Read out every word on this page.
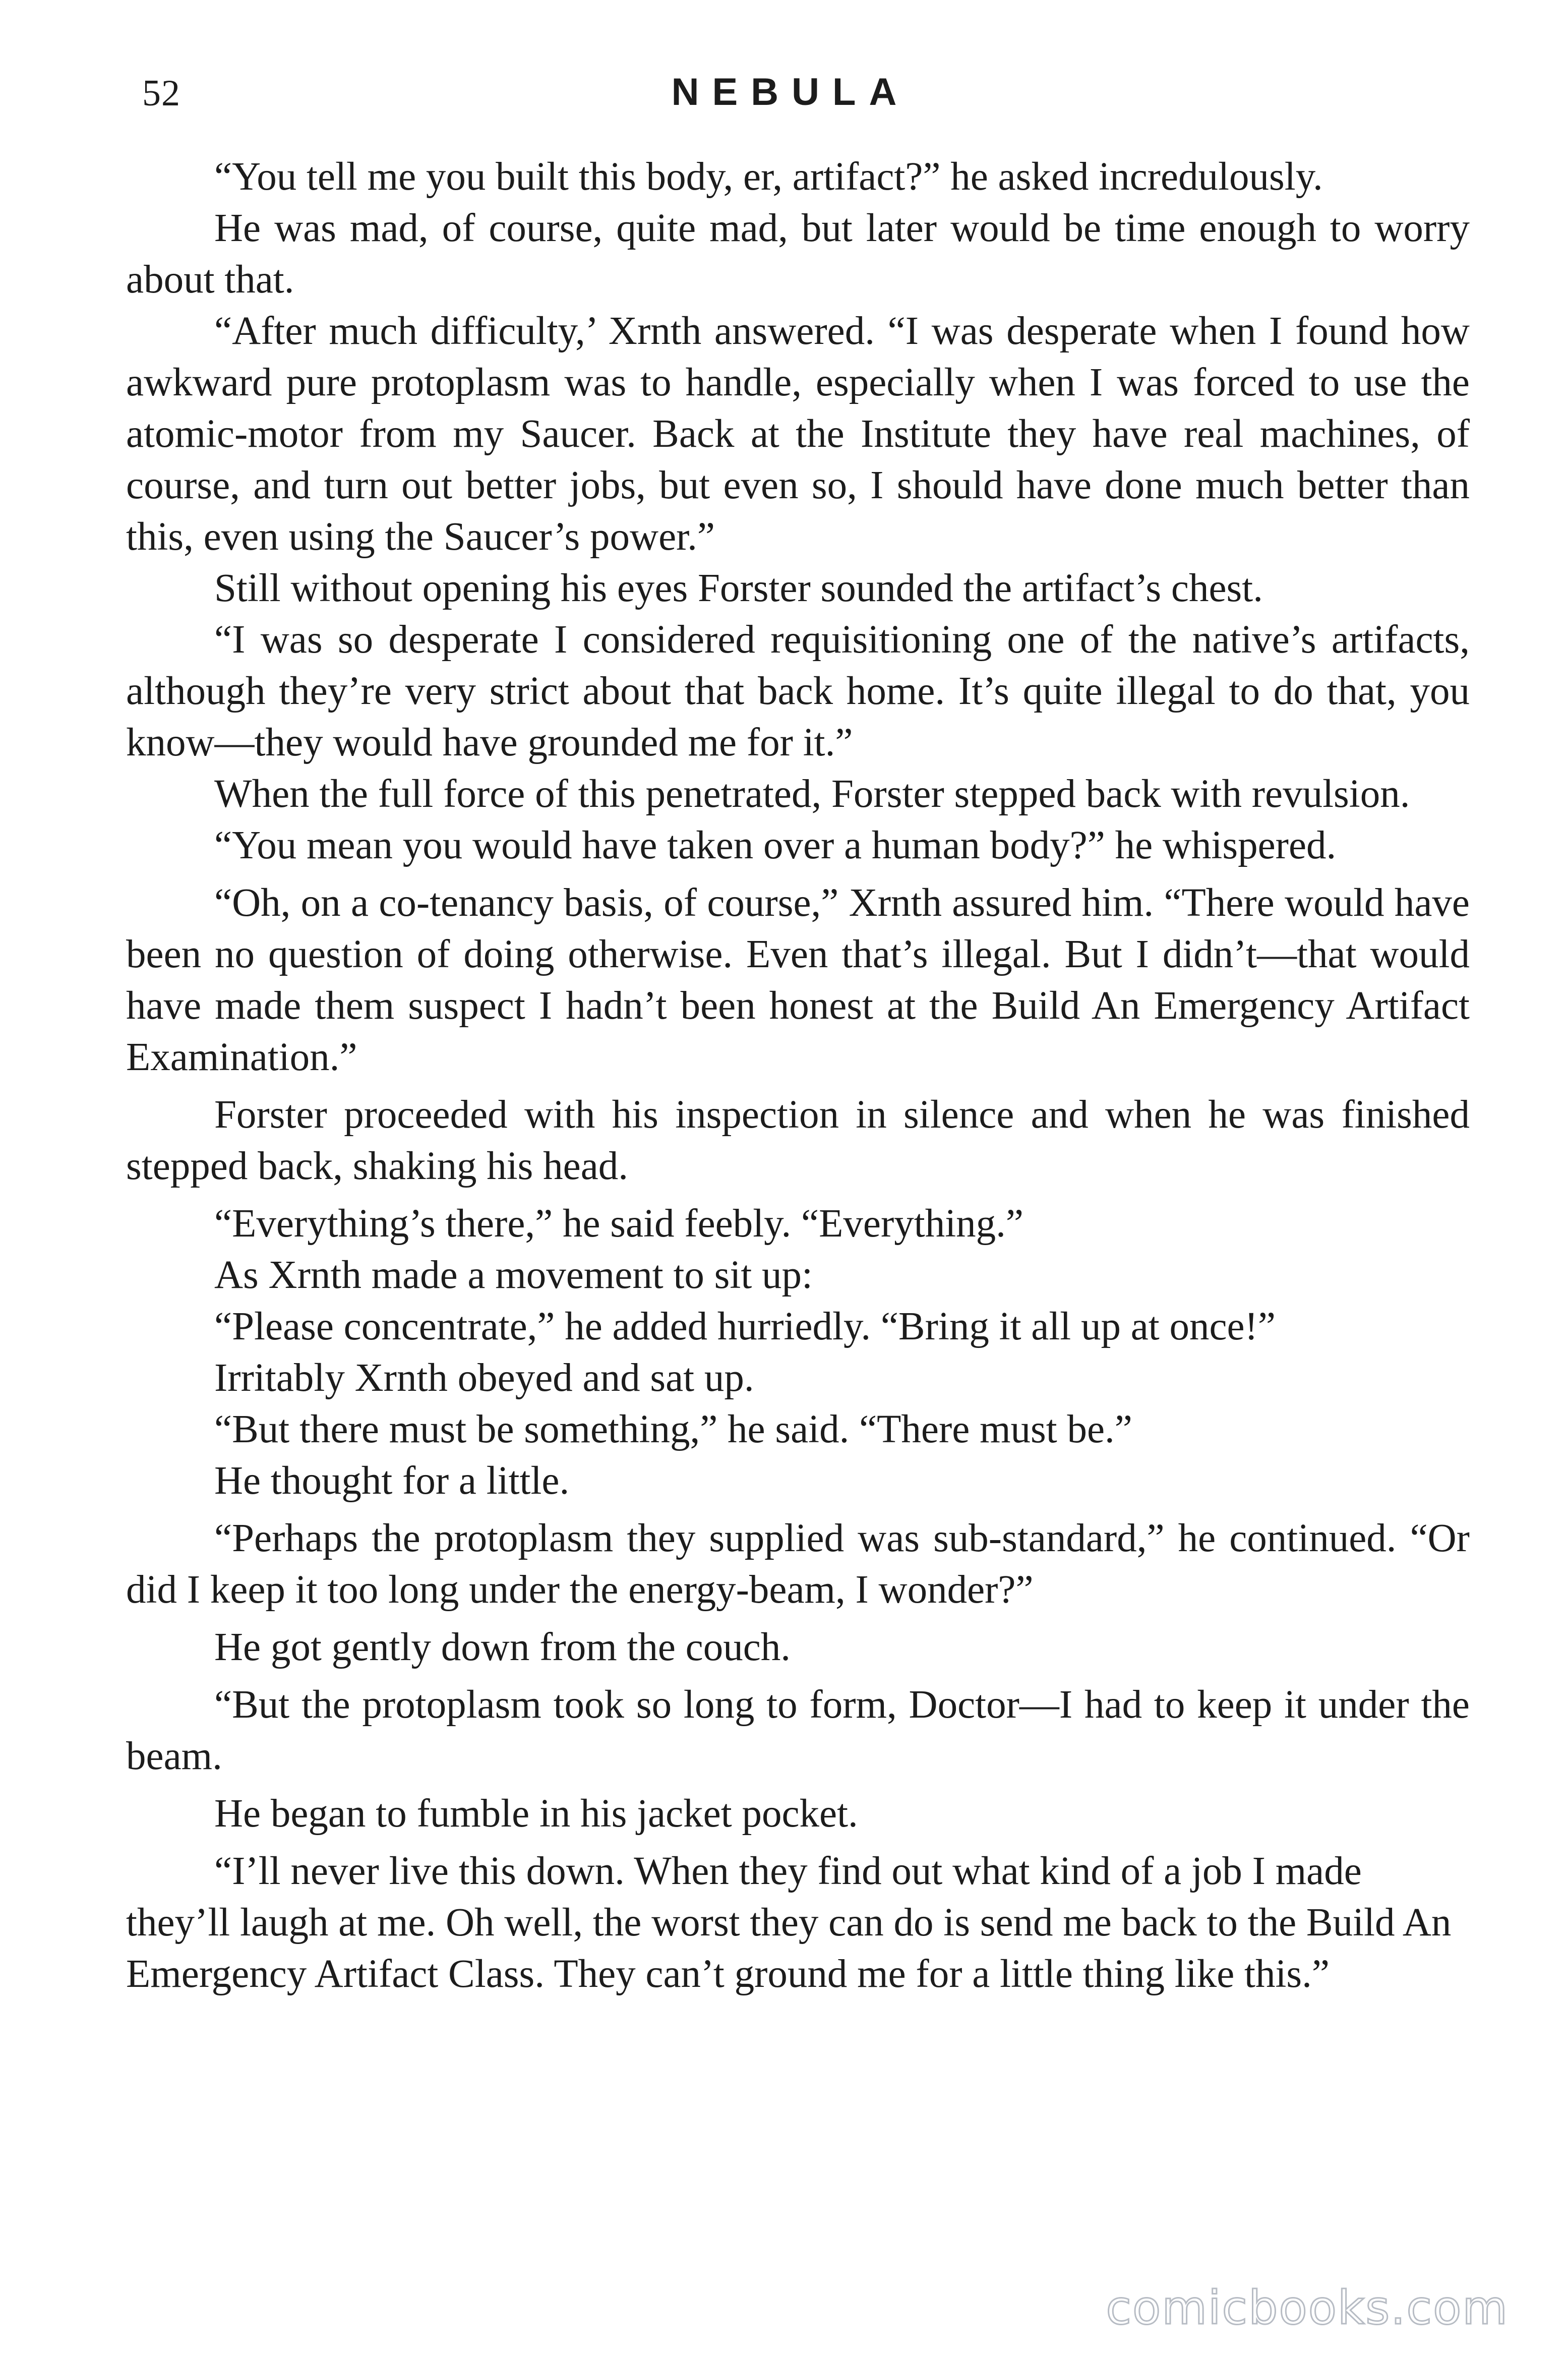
52	NEBULA

“You tell me you built this body, er, artifact?” he asked incredulously.

He was mad, of course, quite mad, but later would be time enough to worry about that.

“After much difficulty,’ Xrnth answered. “I was desperate when I found how awkward pure protoplasm was to handle, especially when I was forced to use the atomic-motor from my Saucer. Back at the Institute they have real machines, of course, and turn out better jobs, but even so, I should have done much better than this, even using the Saucer’s power.”

Still without opening his eyes Forster sounded the artifact’s chest.

“I was so desperate I considered requisitioning one of the native’s artifacts, although they’re very strict about that back home. It’s quite illegal to do that, you know—they would have grounded me for it.”

When the full force of this penetrated, Forster stepped back with revulsion.

“You mean you would have taken over a human body?” he whispered.

“Oh, on a co-tenancy basis, of course,” Xrnth assured him. “There would have been no question of doing otherwise. Even that’s illegal. But I didn’t—that would have made them suspect I hadn’t been honest at the Build An Emergency Artifact Examination.”

Forster proceeded with his inspection in silence and when he was finished stepped back, shaking his head.

“Everything’s there,” he said feebly. “Everything.”

As Xrnth made a movement to sit up:

“Please concentrate,” he added hurriedly. “Bring it all up at once!”

Irritably Xrnth obeyed and sat up.

“But there must be something,” he said. “There must be.”

He thought for a little.

“Perhaps the protoplasm they supplied was sub-standard,” he continued. “Or did I keep it too long under the energy-beam, I wonder?”

He got gently down from the couch.

“But the protoplasm took so long to form, Doctor—I had to keep it under the beam.

He began to fumble in his jacket pocket.

“I’ll never live this down. When they find out what kind of a job I made they’ll laugh at me. Oh well, the worst they can do is send me back to the Build An Emergency Artifact Class. They can’t ground me for a little thing like this.”

comicbooks.com
